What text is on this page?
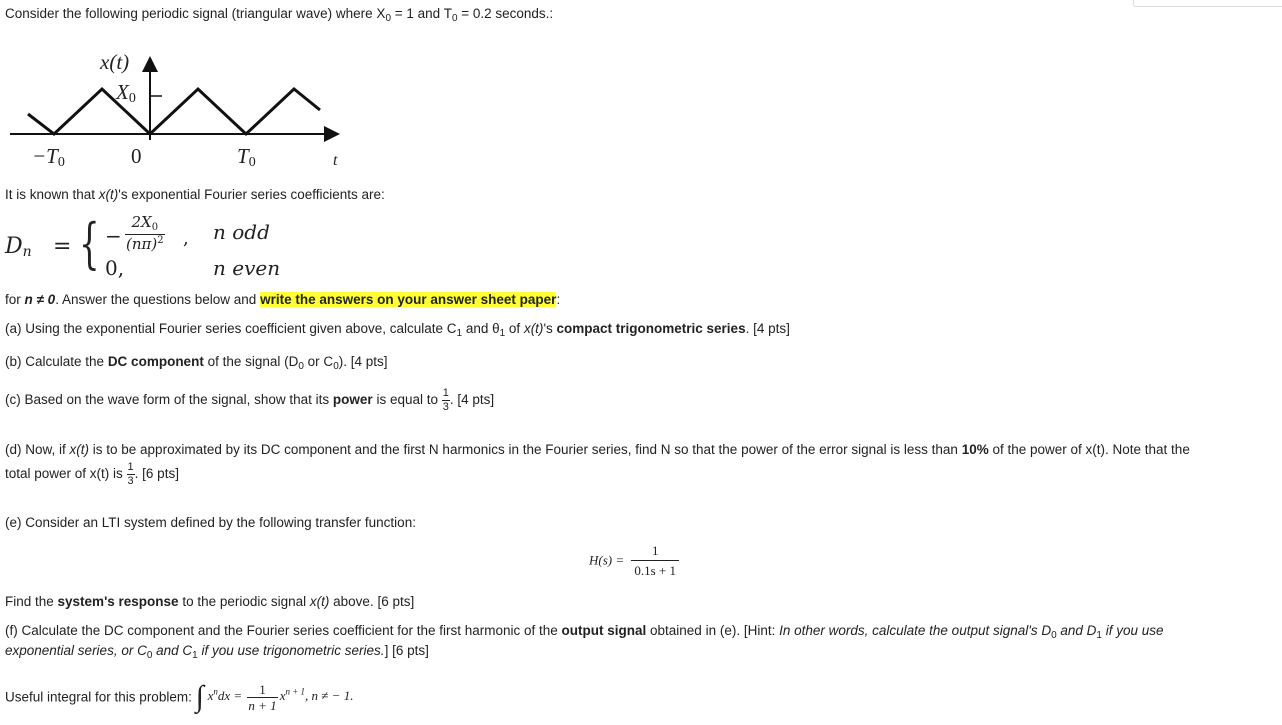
Consider the following periodic signal (triangular wave) where $X_0 = 1$ and $T_0 = 0.2$ seconds.:
x(t)
$X_0$
$-T_0$	0	$T_0$	t
It is known that x(t)'s exponential Fourier series coefficients are:
$D_n$ = { − $\frac{2X_0}{(n\pi)^2}$ , n odd
0,	n even
for n ≠ 0. Answer the questions below and write the answers on your answer sheet paper:
(a) Using the exponential Fourier series coefficient given above, calculate $C_1$ and $\theta_1$ of x(t)'s compact trigonometric series. [4 pts]
(b) Calculate the DC component of the signal ($D_0$ or $C_0$). [4 pts]
(c) Based on the wave form of the signal, show that its power is equal to $\frac{1}{3}$ . [4 pts]
(d) Now, if x(t) is to be approximated by its DC component and the first N harmonics in the Fourier series, find N so that the power of the error signal is less than 10% of the power of x(t). Note that the
total power of x(t) is $\frac{1}{3}$ . [6 pts]
(e) Consider an LTI system defined by the following transfer function:
$H(s) = \frac{1}{0.1s + 1}$
Find the system's response to the periodic signal x(t) above. [6 pts]
(f) Calculate the DC component and the Fourier series coefficient for the first harmonic of the output signal obtained in (e). [Hint: In other words, calculate the output signal's $D_0$ and $D_1$ if you use
exponential series, or $C_0$ and $C_1$ if you use trigonometric series.] [6 pts]
Useful integral for this problem: ∫ $x^ndx = \frac{1}{n + 1} x^{n + 1}$, n ≠ − 1.
